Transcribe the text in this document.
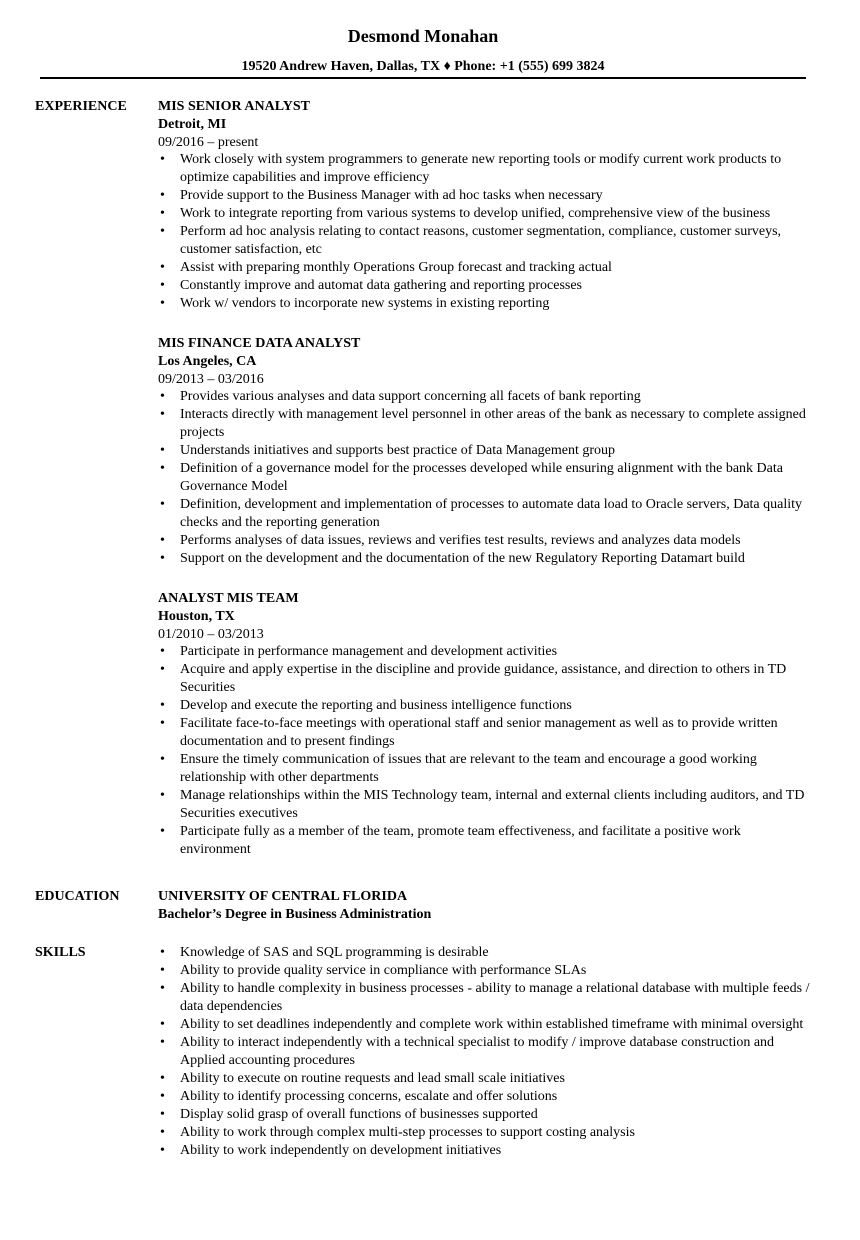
Desmond Monahan
19520 Andrew Haven, Dallas, TX ♦ Phone: +1 (555) 699 3824
EXPERIENCE	MIS SENIOR ANALYST
Detroit, MI
09/2016 – present
• Work closely with system programmers to generate new reporting tools or modify current work products to optimize capabilities and improve efficiency
• Provide support to the Business Manager with ad hoc tasks when necessary
• Work to integrate reporting from various systems to develop unified, comprehensive view of the business
• Perform ad hoc analysis relating to contact reasons, customer segmentation, compliance, customer surveys, customer satisfaction, etc
• Assist with preparing monthly Operations Group forecast and tracking actual
• Constantly improve and automat data gathering and reporting processes
• Work w/ vendors to incorporate new systems in existing reporting
MIS FINANCE DATA ANALYST
Los Angeles, CA
09/2013 – 03/2016
• Provides various analyses and data support concerning all facets of bank reporting
• Interacts directly with management level personnel in other areas of the bank as necessary to complete assigned projects
• Understands initiatives and supports best practice of Data Management group
• Definition of a governance model for the processes developed while ensuring alignment with the bank Data Governance Model
• Definition, development and implementation of processes to automate data load to Oracle servers, Data quality checks and the reporting generation
• Performs analyses of data issues, reviews and verifies test results, reviews and analyzes data models
• Support on the development and the documentation of the new Regulatory Reporting Datamart build
ANALYST MIS TEAM
Houston, TX
01/2010 – 03/2013
• Participate in performance management and development activities
• Acquire and apply expertise in the discipline and provide guidance, assistance, and direction to others in TD Securities
• Develop and execute the reporting and business intelligence functions
• Facilitate face-to-face meetings with operational staff and senior management as well as to provide written documentation and to present findings
• Ensure the timely communication of issues that are relevant to the team and encourage a good working relationship with other departments
• Manage relationships within the MIS Technology team, internal and external clients including auditors, and TD Securities executives
• Participate fully as a member of the team, promote team effectiveness, and facilitate a positive work environment
EDUCATION	UNIVERSITY OF CENTRAL FLORIDA
Bachelor’s Degree in Business Administration
SKILLS
•	Knowledge of SAS and SQL programming is desirable
• Ability to provide quality service in compliance with performance SLAs
• Ability to handle complexity in business processes - ability to manage a relational database with multiple feeds / data dependencies
• Ability to set deadlines independently and complete work within established timeframe with minimal oversight
• Ability to interact independently with a technical specialist to modify / improve database construction and Applied accounting procedures
• Ability to execute on routine requests and lead small scale initiatives
• Ability to identify processing concerns, escalate and offer solutions
• Display solid grasp of overall functions of businesses supported
• Ability to work through complex multi-step processes to support costing analysis
• Ability to work independently on development initiatives
